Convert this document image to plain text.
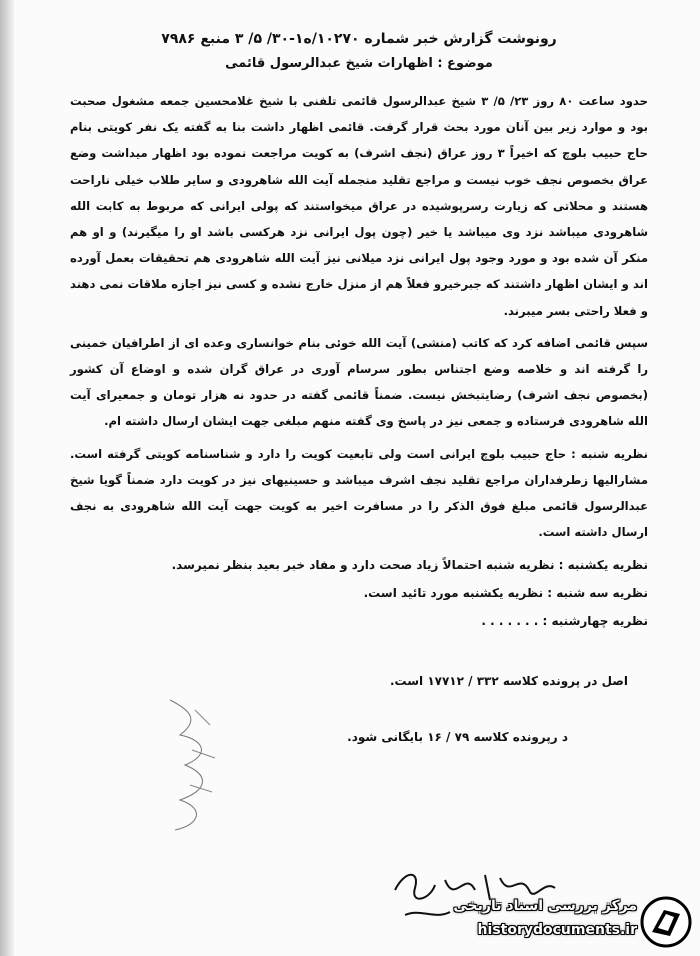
رونوشت گزارش خبر شماره ۱۰۲۷۰/ه۱-۳۰/ ۵/ ۳ منبع ۷۹۸۶

موضوع : اظهارات شیخ عبدالرسول قائمی

حدود ساعت ۸۰ روز ۲۳/ ۵/ ۳ شیخ عبدالرسول قائمی تلفنی با شیخ غلامحسین جمعه مشغول صحبت بود و موارد زیر بین آنان مورد بحث قرار گرفت. قائمی اظهار داشت بنا به گفته یک نفر کویتی بنام حاج حبیب بلوچ که اخیراً ۳ روز عراق (نجف اشرف) به کویت مراجعت نموده بود اظهار میداشت وضع عراق بخصوص نجف خوب نیست و مراجع تقلید منجمله آیت الله شاهرودی و سایر طلاب خیلی ناراحت هستند و محلاتی که زیارت رسرپوشیده در عراق میخواستند که پولی ایرانی که مربوط به کابت الله شاهرودی میباشد نزد وی میباشد یا خیر (چون پول ایرانی نزد هرکسی باشد او را میگیرند) و او هم منکر آن شده بود و مورد وجود پول ایرانی نزد میلانی نیز آیت الله شاهرودی هم تحقیقات بعمل آورده اند و ایشان اظهار داشتند که جبرخیرو فعلاً هم از منزل خارج نشده و کسی نیز اجازه ملاقات نمی دهند و فعلا راحتی بسر میبرند.

سپس قائمی اضافه کرد که کاتب (منشی) آیت الله خوئی بنام خوانساری وعده ای از اطرافیان خمینی را گرفته اند و خلاصه وضع اجتناس بطور سرسام آوری در عراق گران شده و اوضاع آن کشور (بخصوص نجف اشرف) رضایتبخش نیست. ضمناً قائمی گفته در حدود نه هزار تومان و جمعیرای آیت الله شاهرودی فرستاده و جمعی نیز در پاسخ وی گفته منهم مبلغی جهت ایشان ارسال داشته ام.

نظریه شنبه : حاج حبیب بلوچ ایرانی است ولی تابعیت کویت را دارد و شناسنامه کویتی گرفته است. مشارالیها زطرفداران مراجع تقلید نجف اشرف میباشد و حسینیهای نیز در کویت دارد ضمناً گویا شیخ عبدالرسول قائمی مبلغ فوق الذکر را در مسافرت اخیر به کویت جهت آیت الله شاهرودی به نجف ارسال داشته است.

نظریه یکشنبه : نظریه شنبه احتمالاً زیاد صحت دارد و مفاد خبر بعید بنظر نمیرسد.

نظریه سه شنبه : نظریه یکشنبه مورد تائید است.

نظریه چهارشنبه : . . . . . . .

اصل در پرونده کلاسه ۳۳۲ / ۱۷۷۱۲ است.

د رپرونده کلاسه ۷۹ / ۱۶ بایگانی شود.

مرکز بررسی اسناد تاریخی
historydocuments.ir
